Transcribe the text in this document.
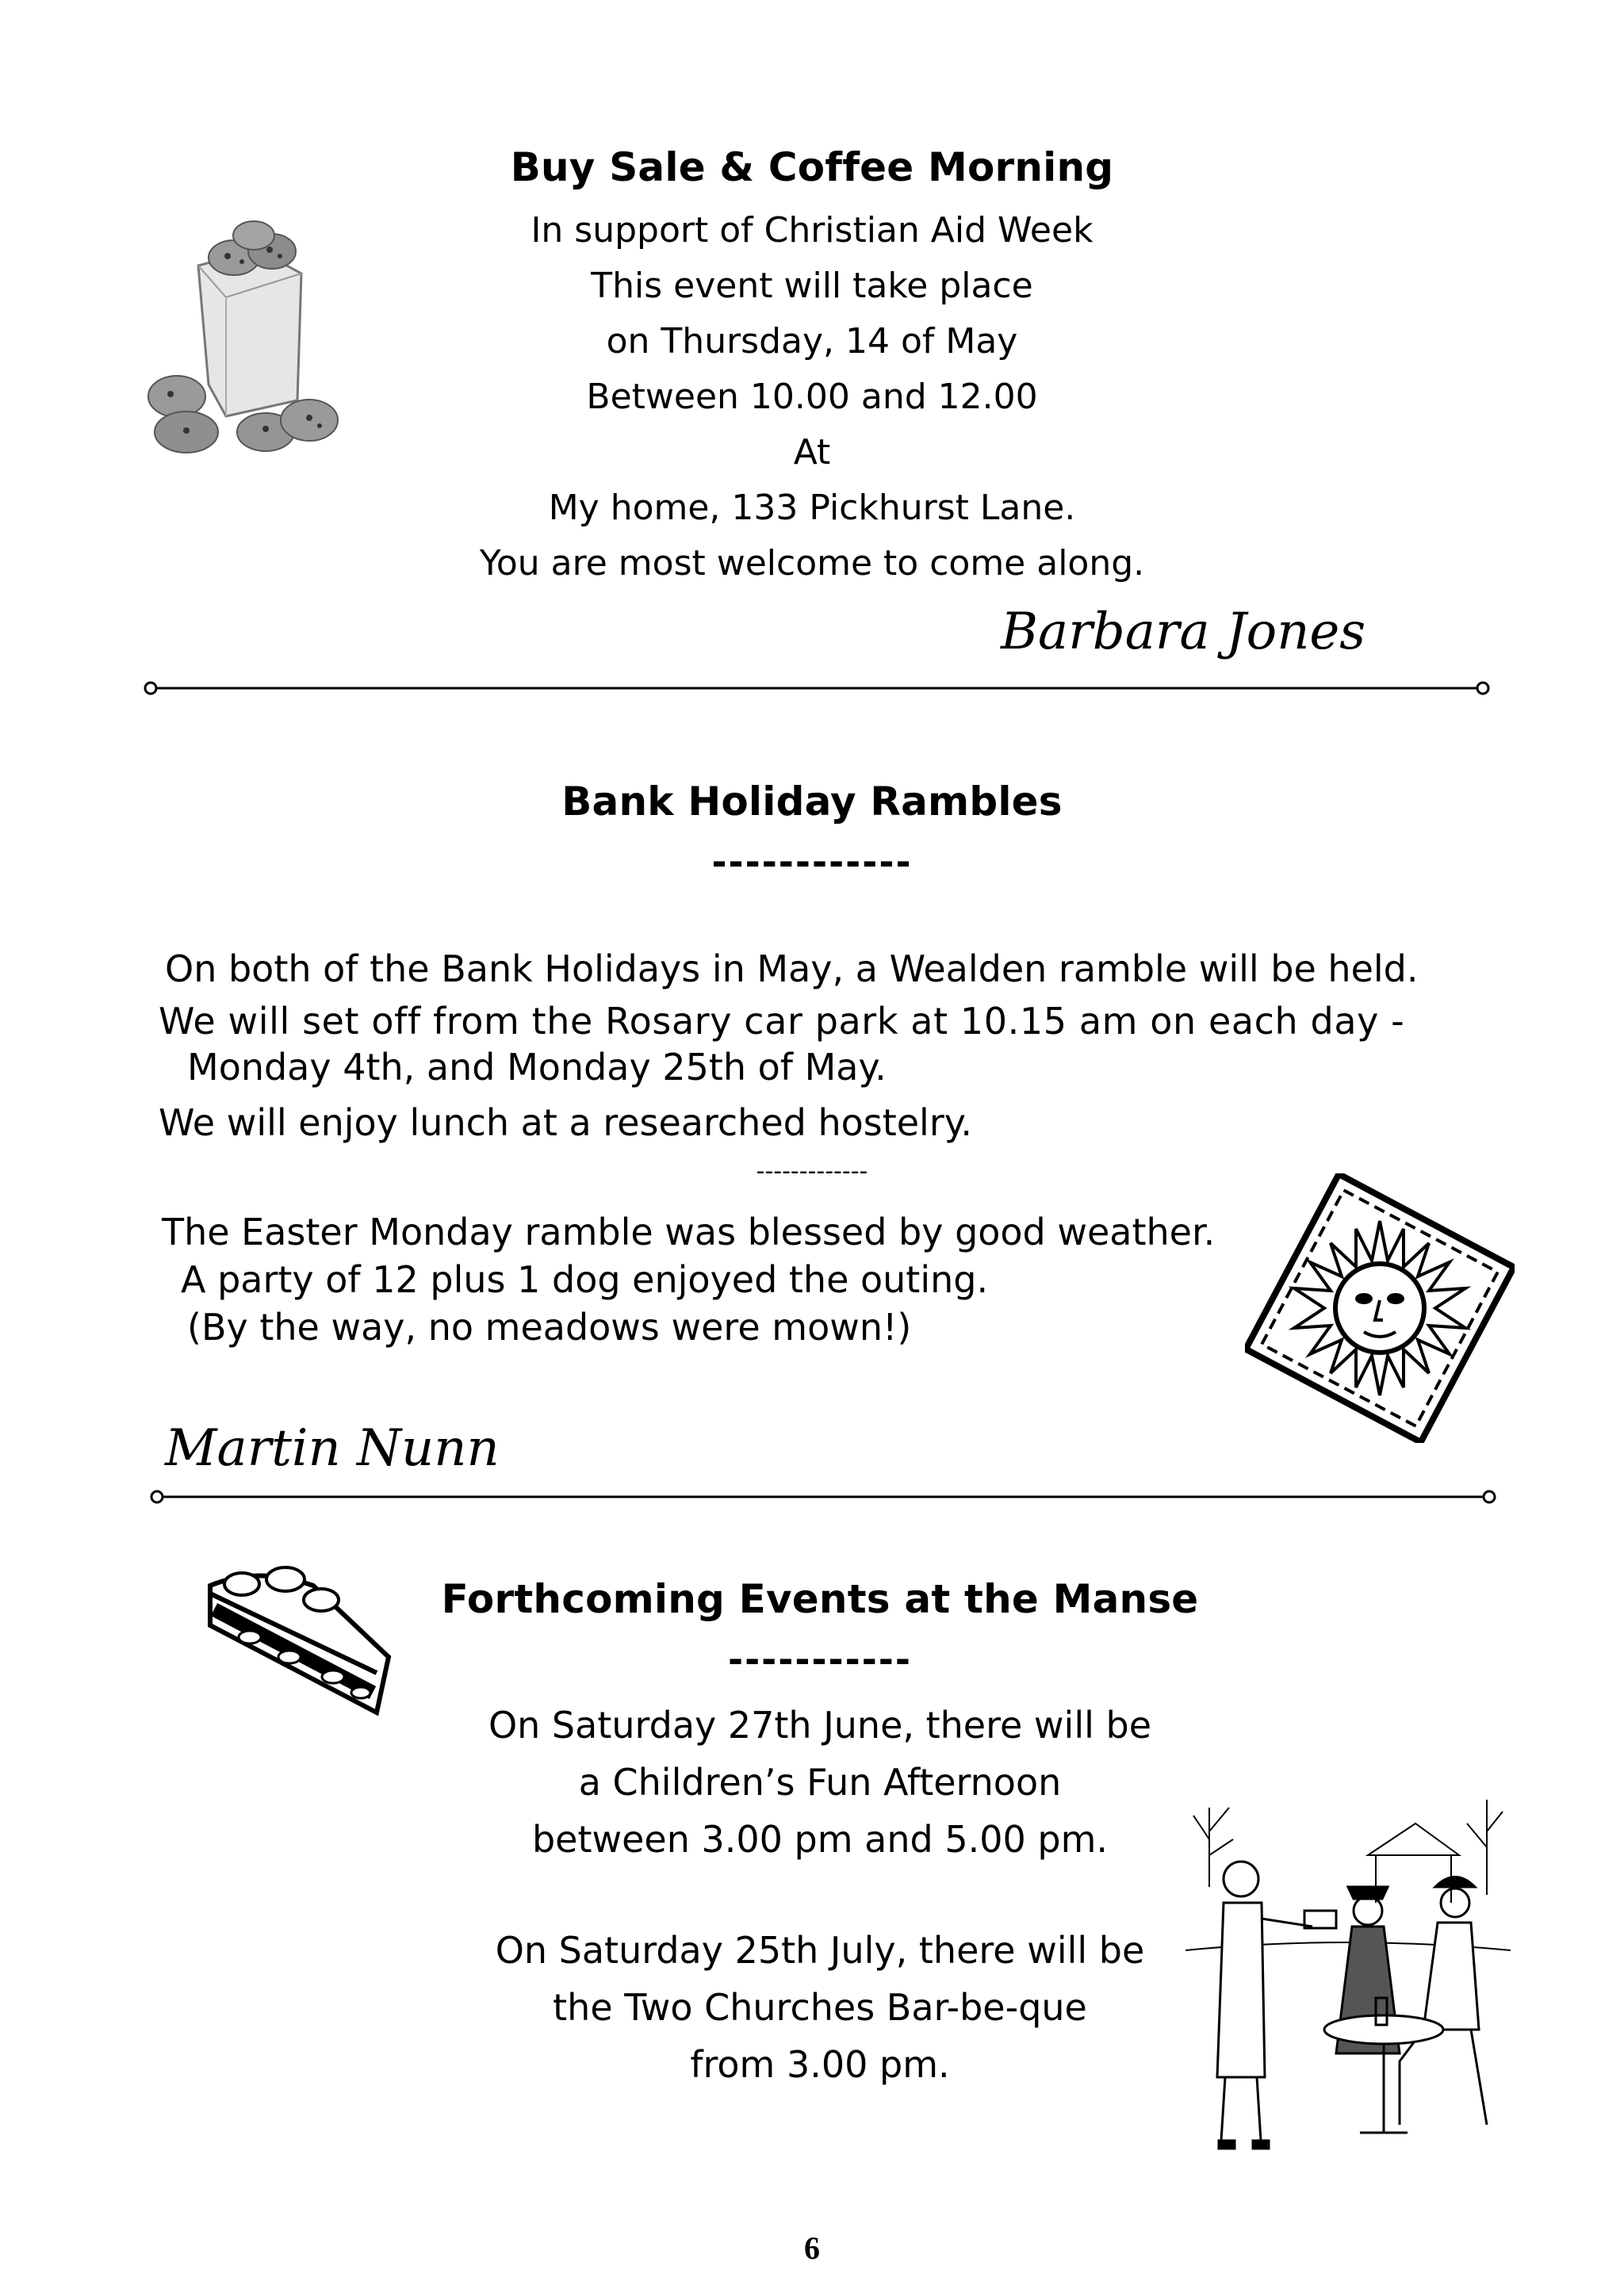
Buy Sale & Coffee Morning
In support of Christian Aid Week
This event will take place
on Thursday, 14 of May
Between 10.00 and 12.00
At
My home, 133 Pickhurst Lane.
You are most welcome to come along.
Barbara Jones
Bank Holiday Rambles
------------
On both of the Bank Holidays in May, a Wealden ramble will be held.
We will set off from the Rosary car park at 10.15 am on each day -
Monday 4th, and Monday 25th of May.
We will enjoy lunch at a researched hostelry.
-------------
The Easter Monday ramble was blessed by good weather.
A party of 12 plus 1 dog enjoyed the outing.
(By the way, no meadows were mown!)
Martin Nunn
Forthcoming Events at the Manse
-----------
On Saturday 27th June, there will be
a Children’s Fun Afternoon
between 3.00 pm and 5.00 pm.
On Saturday 25th July, there will be
the Two Churches Bar-be-que
from 3.00 pm.
6
